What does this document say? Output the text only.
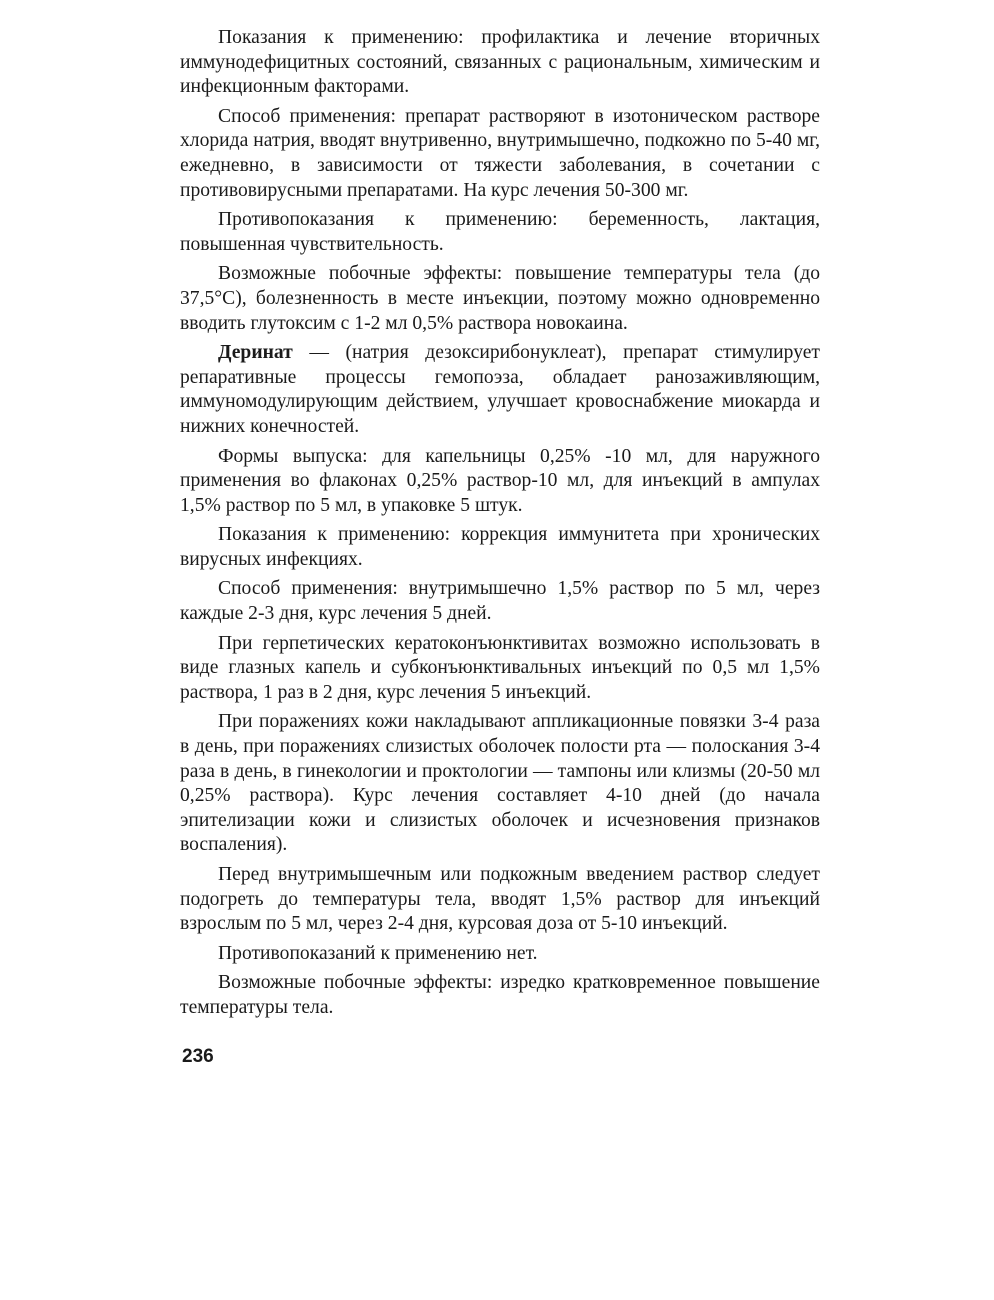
Показания к применению: профилактика и лечение вторичных иммунодефицитных состояний, связанных с рациональным, химическим и инфекционным факторами.

Способ применения: препарат растворяют в изотоническом растворе хлорида натрия, вводят внутривенно, внутримышечно, подкожно по 5-40 мг, ежедневно, в зависимости от тяжести заболевания, в сочетании с противовирусными препаратами. На курс лечения 50-300 мг.

Противопоказания к применению: беременность, лактация, повышенная чувствительность.

Возможные побочные эффекты: повышение температуры тела (до 37,5°С), болезненность в месте инъекции, поэтому можно одновременно вводить глутоксим с 1-2 мл 0,5% раствора новокаина.

Деринат — (натрия дезоксирибонуклеат), препарат стимулирует репаративные процессы гемопоэза, обладает ранозаживляющим, иммуномодулирующим действием, улучшает кровоснабжение миокарда и нижних конечностей.

Формы выпуска: для капельницы 0,25% -10 мл, для наружного применения во флаконах 0,25% раствор-10 мл, для инъекций в ампулах 1,5% раствор по 5 мл, в упаковке 5 штук.

Показания к применению: коррекция иммунитета при хронических вирусных инфекциях.

Способ применения: внутримышечно 1,5% раствор по 5 мл, через каждые 2-3 дня, курс лечения 5 дней.

При герпетических кератоконъюнктивитах возможно использовать в виде глазных капель и субконъюнктивальных инъекций по 0,5 мл 1,5% раствора, 1 раз в 2 дня, курс лечения 5 инъекций.

При поражениях кожи накладывают аппликационные повязки 3-4 раза в день, при поражениях слизистых оболочек полости рта — полоскания 3-4 раза в день, в гинекологии и проктологии — тампоны или клизмы (20-50 мл 0,25% раствора). Курс лечения составляет 4-10 дней (до начала эпителизации кожи и слизистых оболочек и исчезновения признаков воспаления).

Перед внутримышечным или подкожным введением раствор следует подогреть до температуры тела, вводят 1,5% раствор для инъекций взрослым по 5 мл, через 2-4 дня, курсовая доза от 5-10 инъекций.

Противопоказаний к применению нет.

Возможные побочные эффекты: изредко кратковременное повышение температуры тела.

236
